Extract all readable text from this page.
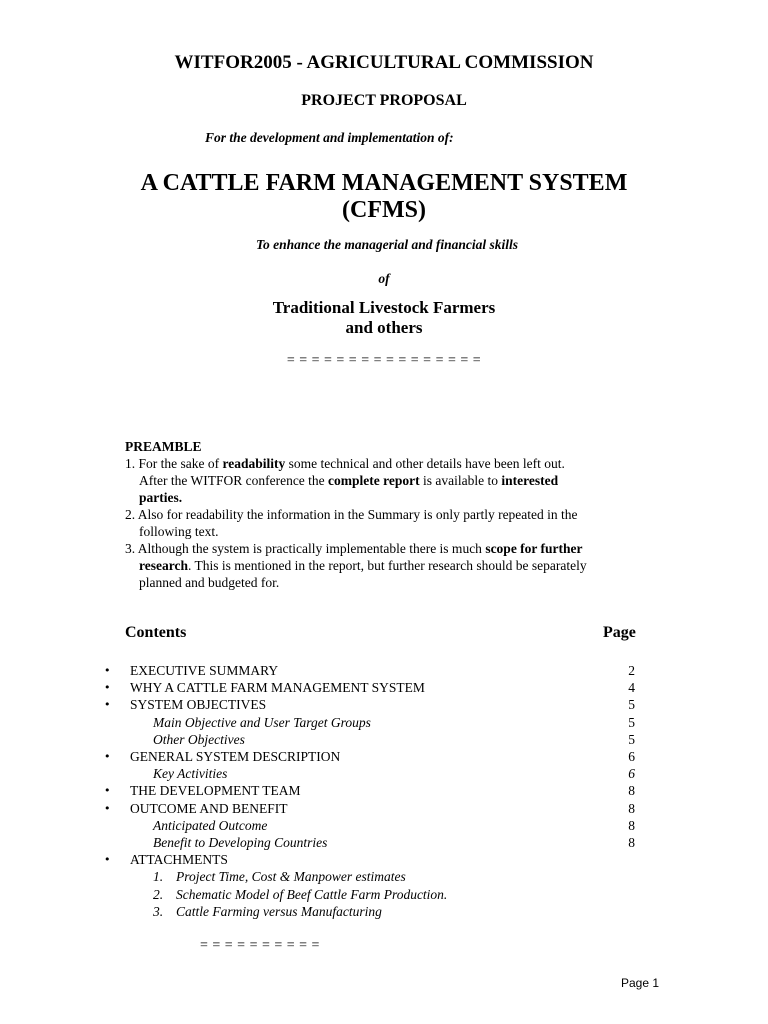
WITFOR2005 - AGRICULTURAL COMMISSION
PROJECT PROPOSAL
For the development and implementation of:
A CATTLE FARM MANAGEMENT SYSTEM
(CFMS)
To enhance the managerial and financial skills
of
Traditional Livestock Farmers
and others
= = = = = = = = = = = = = = = =
PREAMBLE
1. For the sake of readability some technical and other details have been left out.
After the WITFOR conference the complete report is available to interested
parties.
2. Also for readability the information in the Summary is only partly repeated in the
following text.
3. Although the system is practically implementable there is much scope for further
research. This is mentioned in the report, but further research should be separately
planned and budgeted for.
Contents	Page
• EXECUTIVE SUMMARY	2
• WHY A CATTLE FARM MANAGEMENT SYSTEM	4
• SYSTEM OBJECTIVES	5
Main Objective and User Target Groups	5
Other Objectives	5
• GENERAL SYSTEM DESCRIPTION	6
Key Activities	6
• THE DEVELOPMENT TEAM	8
• OUTCOME AND BENEFIT	8
Anticipated Outcome	8
Benefit to Developing Countries	8
• ATTACHMENTS
1. Project Time, Cost & Manpower estimates
2. Schematic Model of Beef Cattle Farm Production.
3. Cattle Farming versus Manufacturing
= = = = = = = = = =
Page 1
